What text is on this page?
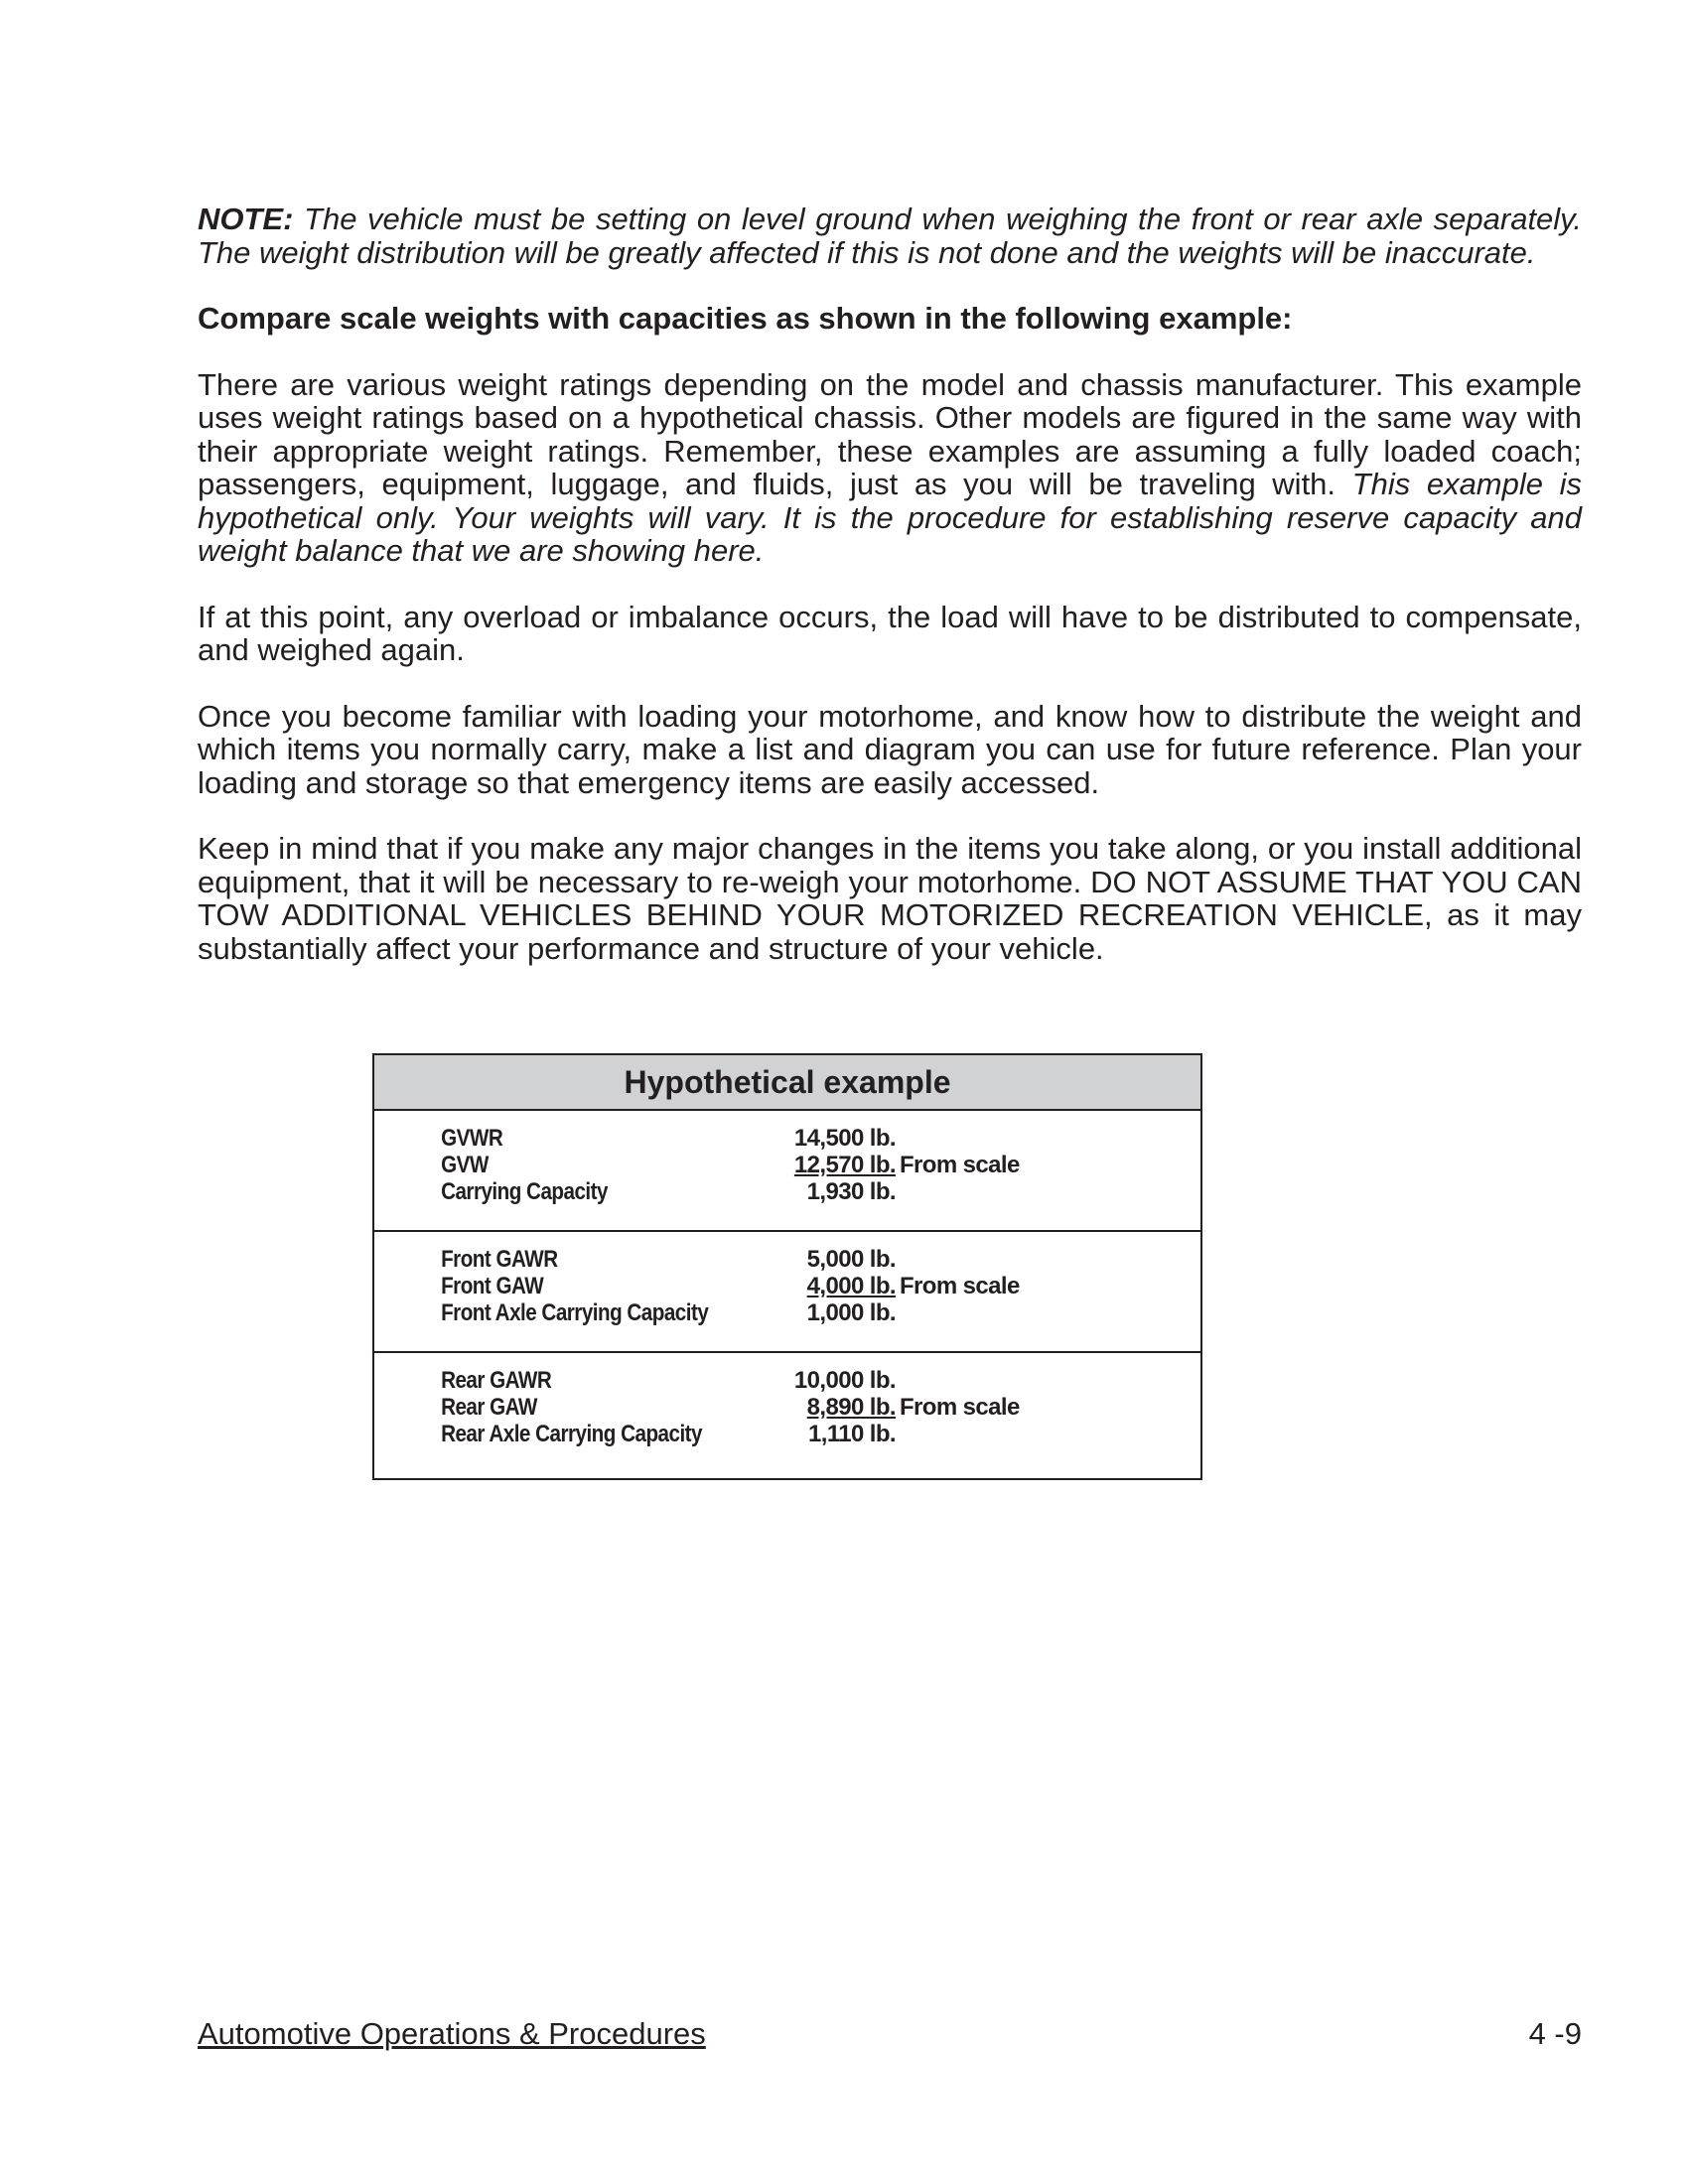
NOTE: The vehicle must be setting on level ground when weighing the front or rear axle separately. The weight distribution will be greatly affected if this is not done and the weights will be inaccurate.

Compare scale weights with capacities as shown in the following example:

There are various weight ratings depending on the model and chassis manufacturer. This example uses weight ratings based on a hypothetical chassis. Other models are figured in the same way with their appropriate weight ratings. Remember, these examples are assuming a fully loaded coach; passengers, equipment, luggage, and fluids, just as you will be traveling with. This example is hypothetical only. Your weights will vary. It is the procedure for establishing reserve capacity and weight balance that we are showing here.

If at this point, any overload or imbalance occurs, the load will have to be distributed to compensate, and weighed again.

Once you become familiar with loading your motorhome, and know how to distribute the weight and which items you normally carry, make a list and diagram you can use for future reference. Plan your loading and storage so that emergency items are easily accessed.

Keep in mind that if you make any major changes in the items you take along, or you install additional equipment, that it will be necessary to re-weigh your motorhome. DO NOT ASSUME THAT YOU CAN TOW ADDITIONAL VEHICLES BEHIND YOUR MOTORIZED RECREATION VEHICLE, as it may substantially affect your performance and structure of your vehicle.

Hypothetical example
GVWR	14,500 lb.
GVW	12,570 lb. From scale
Carrying Capacity	1,930 lb.
Front GAWR	5,000 lb.
Front GAW	4,000 lb. From scale
Front Axle Carrying Capacity	1,000 lb.
Rear GAWR	10,000 lb.
Rear GAW	8,890 lb. From scale
Rear Axle Carrying Capacity	1,110 lb.
Automotive Operations & Procedures	4 -9
